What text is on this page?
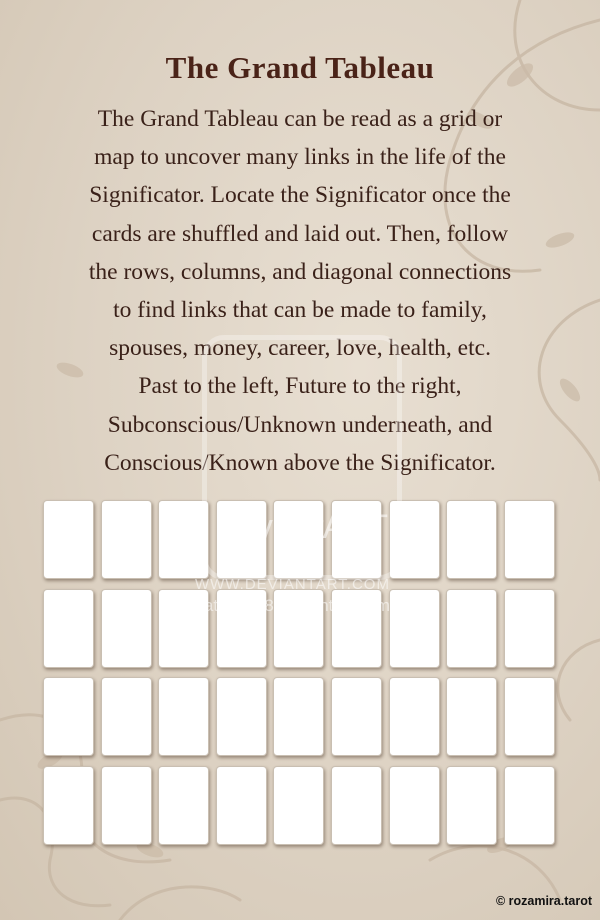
The Grand Tableau
The Grand Tableau can be read as a grid or
map to uncover many links in the life of the
Significator. Locate the Significator once the
cards are shuffled and laid out. Then, follow
the rows, columns, and diagonal connections
to find links that can be made to family,
spouses, money, career, love, health, etc.
Past to the left, Future to the right,
Subconscious/Unknown underneath, and
Conscious/Known above the Significator.
deviantART
WWW.DEVIANTART.COM
(c) Katoons88.deviantart.com
© rozamira.tarot
